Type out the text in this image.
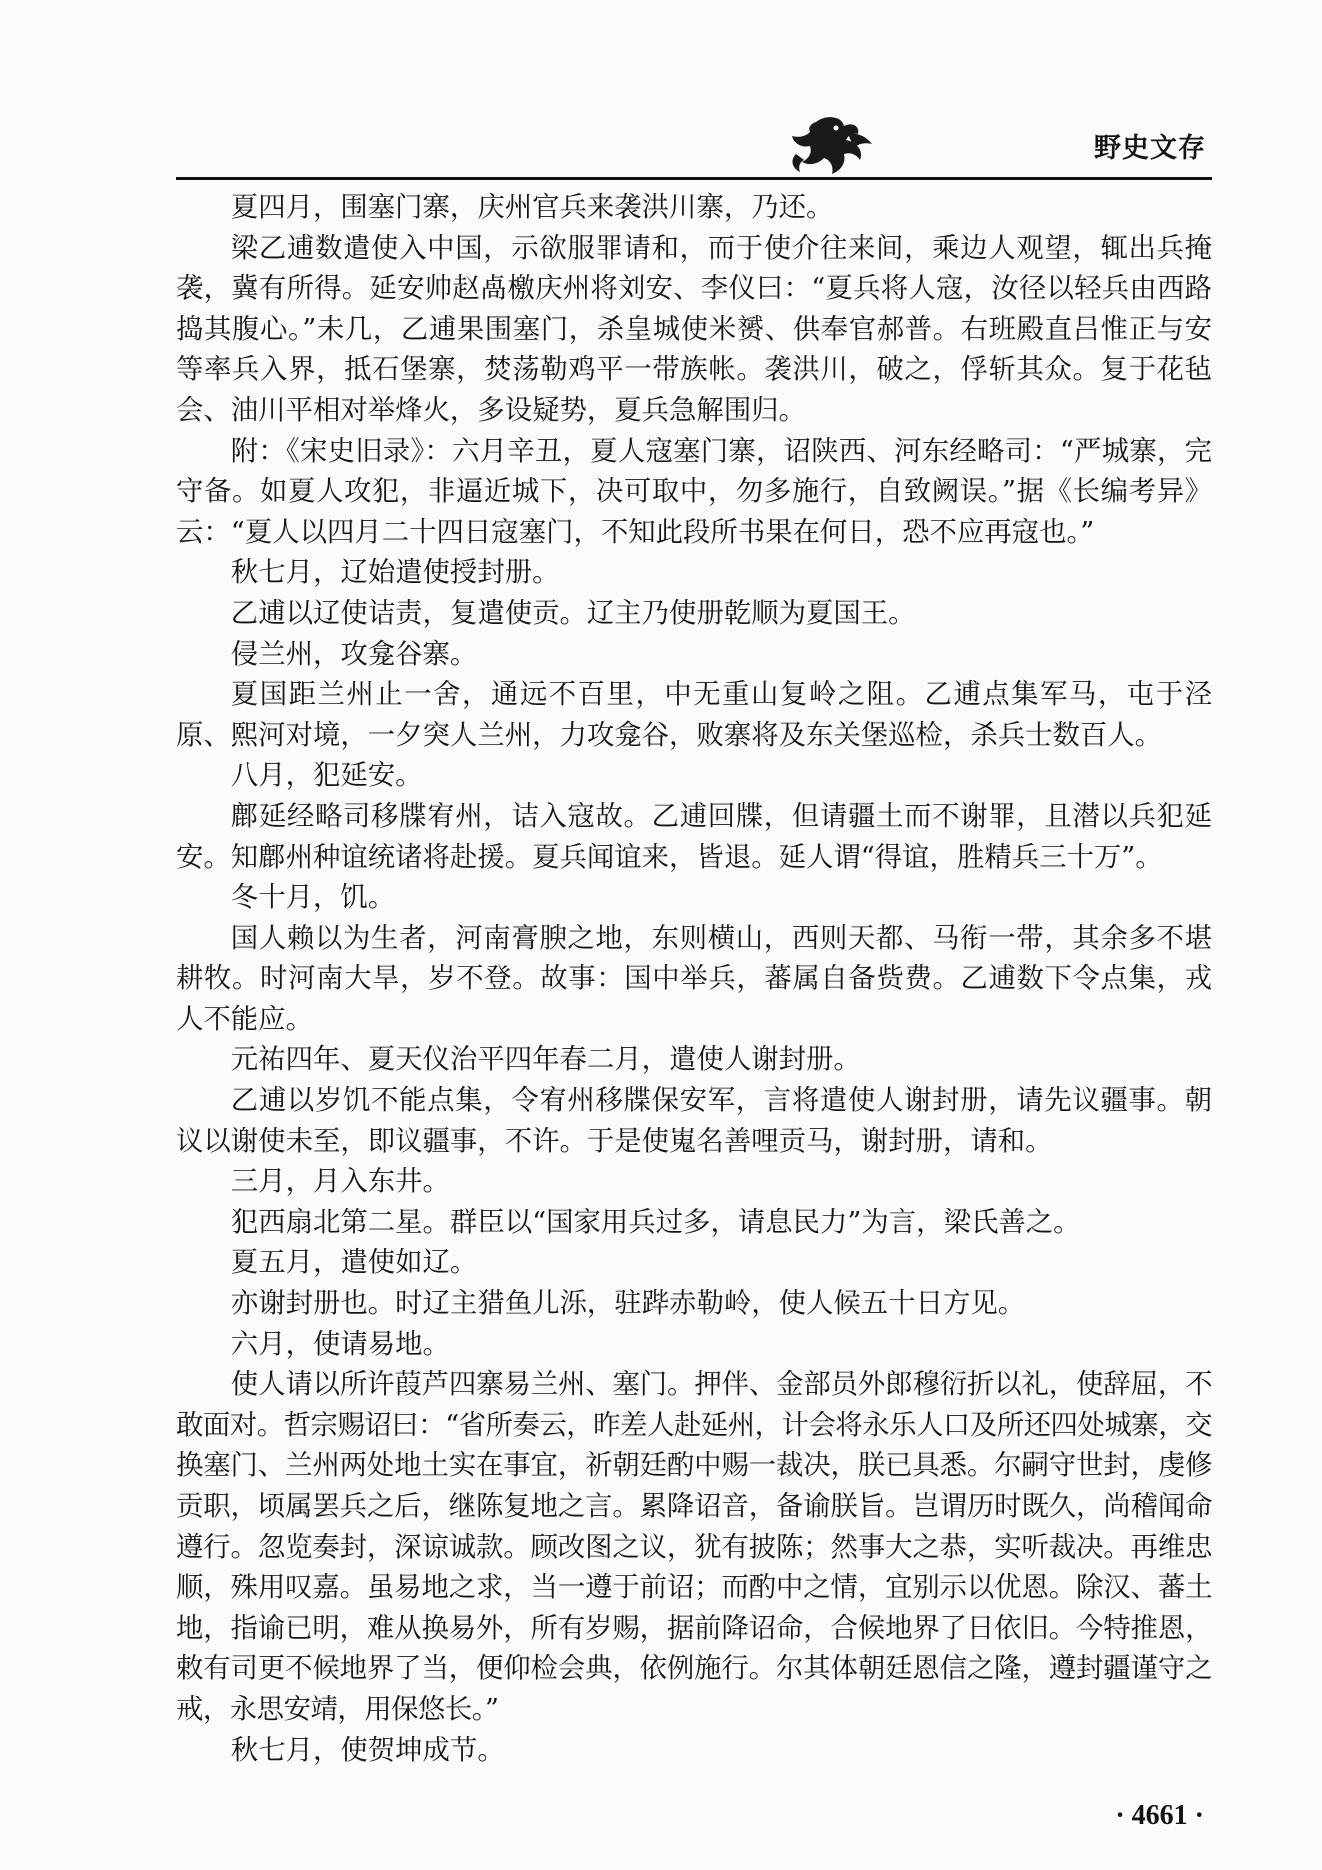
野史文存

夏四月，围塞门寨，庆州官兵来袭洪川寨，乃还。

梁乙逋数遣使入中国，示欲服罪请和，而于使介往来间，乘边人观望，辄出兵掩袭，冀有所得。延安帅赵卨檄庆州将刘安、李仪曰：“夏兵将人寇，汝径以轻兵由西路捣其腹心。”未几，乙逋果围塞门，杀皇城使米赟、供奉官郝普。右班殿直吕惟正与安等率兵入界，抵石堡寨，焚荡勒鸡平一带族帐。袭洪川，破之，俘斩其众。复于花毡会、油川平相对举烽火，多设疑势，夏兵急解围归。

附：《宋史旧录》：六月辛丑，夏人寇塞门寨，诏陕西、河东经略司：“严城寨，完守备。如夏人攻犯，非逼近城下，决可取中，勿多施行，自致阙误。”据《长编考异》云：“夏人以四月二十四日寇塞门，不知此段所书果在何日，恐不应再寇也。”

秋七月，辽始遣使授封册。

乙逋以辽使诘责，复遣使贡。辽主乃使册乾顺为夏国王。

侵兰州，攻龛谷寨。

夏国距兰州止一舍，通远不百里，中无重山复岭之阻。乙逋点集军马，屯于泾原、熙河对境，一夕突人兰州，力攻龛谷，败寨将及东关堡巡检，杀兵士数百人。

八月，犯延安。

鄜延经略司移牒宥州，诘入寇故。乙逋回牒，但请疆土而不谢罪，且潜以兵犯延安。知鄜州种谊统诸将赴援。夏兵闻谊来，皆退。延人谓“得谊，胜精兵三十万”。

冬十月，饥。

国人赖以为生者，河南膏腴之地，东则横山，西则天都、马衔一带，其余多不堪耕牧。时河南大旱，岁不登。故事：国中举兵，蕃属自备赀费。乙逋数下令点集，戎人不能应。

元祐四年、夏天仪治平四年春二月，遣使人谢封册。

乙逋以岁饥不能点集，令宥州移牒保安军，言将遣使人谢封册，请先议疆事。朝议以谢使未至，即议疆事，不许。于是使嵬名善哩贡马，谢封册，请和。

三月，月入东井。

犯西扇北第二星。群臣以“国家用兵过多，请息民力”为言，梁氏善之。

夏五月，遣使如辽。

亦谢封册也。时辽主猎鱼儿泺，驻跸赤勒岭，使人候五十日方见。

六月，使请易地。

使人请以所许葭芦四寨易兰州、塞门。押伴、金部员外郎穆衍折以礼，使辞屈，不敢面对。哲宗赐诏曰：“省所奏云，昨差人赴延州，计会将永乐人口及所还四处城寨，交换塞门、兰州两处地土实在事宜，祈朝廷酌中赐一裁决，朕已具悉。尔嗣守世封，虔修贡职，顷属罢兵之后，继陈复地之言。累降诏音，备谕朕旨。岂谓历时既久，尚稽闻命遵行。忽览奏封，深谅诚款。顾改图之议，犹有披陈；然事大之恭，实听裁决。再维忠顺，殊用叹嘉。虽易地之求，当一遵于前诏；而酌中之情，宜别示以优恩。除汉、蕃土地，指谕已明，难从换易外，所有岁赐，据前降诏命，合候地界了日依旧。今特推恩，敕有司更不候地界了当，便仰检会典，依例施行。尔其体朝廷恩信之隆，遵封疆谨守之戒，永思安靖，用保悠长。”

秋七月，使贺坤成节。

· 4661 ·
